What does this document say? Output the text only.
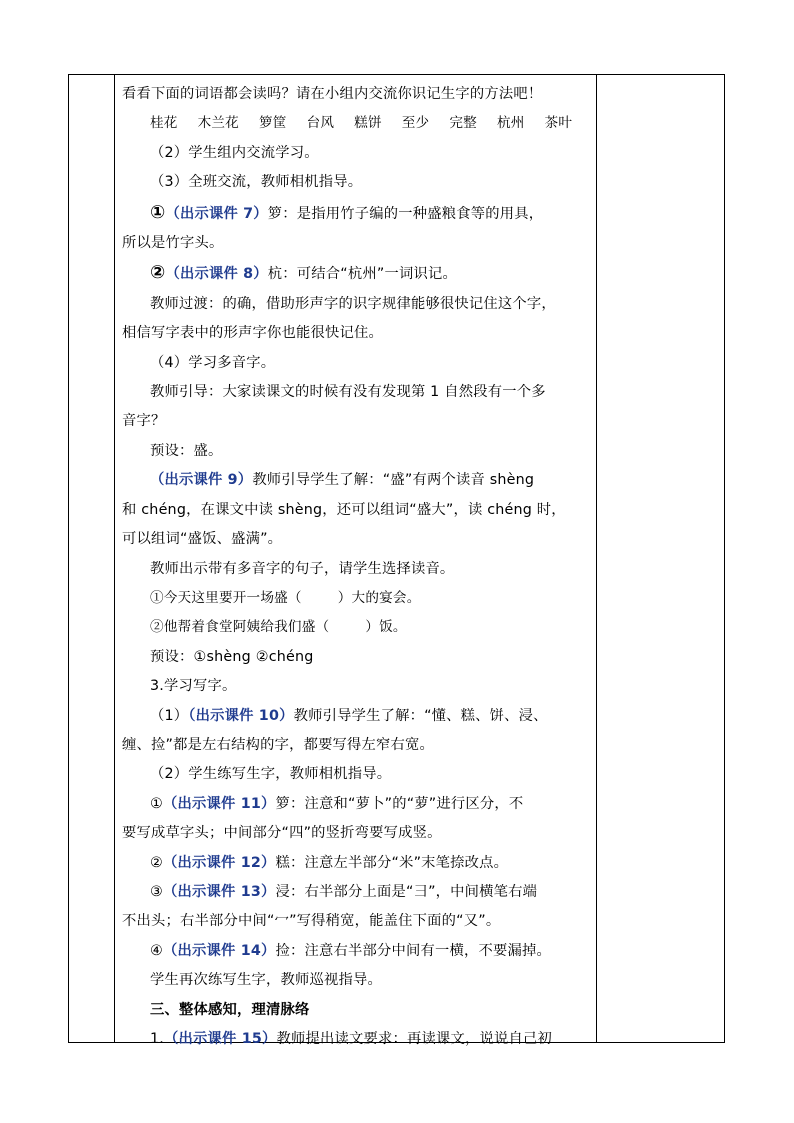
看看下面的词语都会读吗？请在小组内交流你识记生字的方法吧！
桂花 木兰花 箩筐 台风 糕饼 至少 完整 杭州 茶叶
（2）学生组内交流学习。
（3）全班交流，教师相机指导。
①（出示课件 7）箩：是指用竹子编的一种盛粮食等的用具，
所以是竹字头。
②（出示课件 8）杭：可结合“杭州”一词识记。
教师过渡：的确，借助形声字的识字规律能够很快记住这个字，
相信写字表中的形声字你也能很快记住。
（4）学习多音字。
教师引导：大家读课文的时候有没有发现第 1 自然段有一个多
音字？
预设：盛。
（出示课件 9）教师引导学生了解：“盛”有两个读音 shèng
和 chéng，在课文中读 shèng，还可以组词“盛大”，读 chéng 时，
可以组词“盛饭、盛满”。
教师出示带有多音字的句子，请学生选择读音。
①今天这里要开一场盛（	）大的宴会。
②他帮着食堂阿姨给我们盛（	）饭。
预设：①shèng ②chéng
3.学习写字。
（1）（出示课件 10）教师引导学生了解：“懂、糕、饼、浸、
缠、捡”都是左右结构的字，都要写得左窄右宽。
（2）学生练写生字，教师相机指导。
①（出示课件 11）箩：注意和“萝卜”的“萝”进行区分，不
要写成草字头；中间部分“四”的竖折弯要写成竖。
②（出示课件 12）糕：注意左半部分“米”末笔捺改点。
③（出示课件 13）浸：右半部分上面是“彐”，中间横笔右端
不出头；右半部分中间“冖”写得稍宽，能盖住下面的“又”。
④（出示课件 14）捡：注意右半部分中间有一横，不要漏掉。
学生再次练写生字，教师巡视指导。
三、整体感知，理清脉络
1.（出示课件 15）教师提出读文要求：再读课文，说说自己初
